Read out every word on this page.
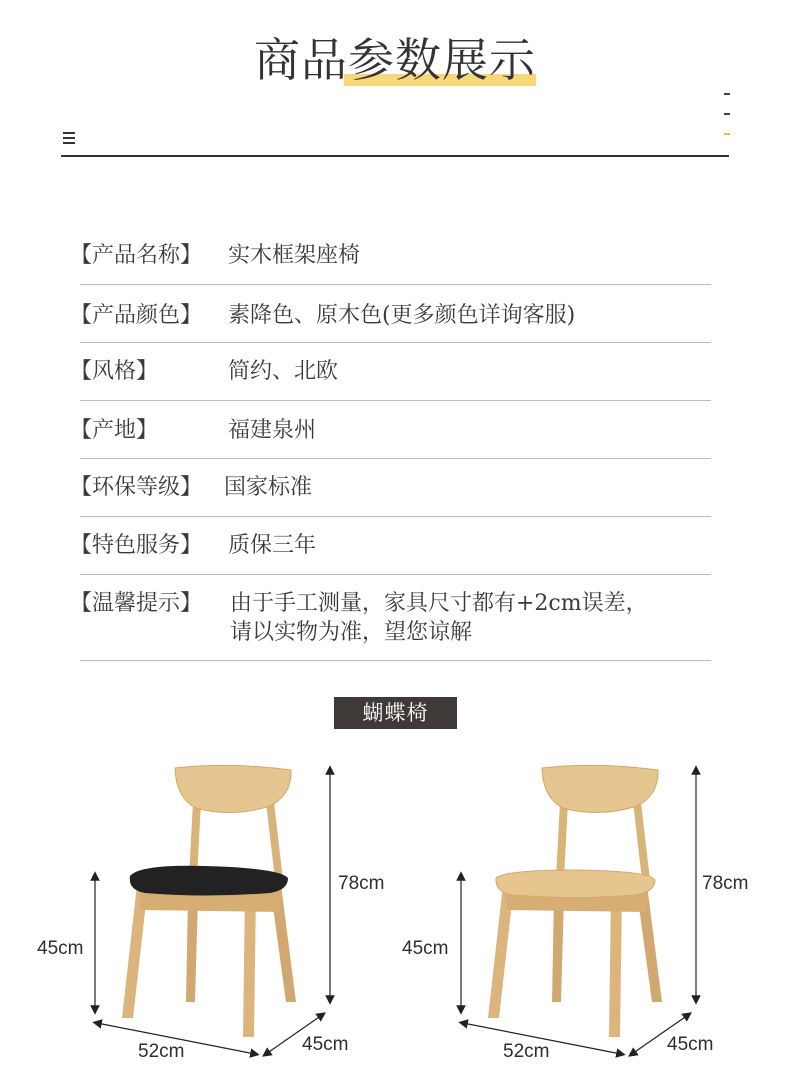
商品参数展示
【产品名称】 实木框架座椅
【产品颜色】 素降色、原木色(更多颜色详询客服)
【风格】	简约、北欧
【产地】	福建泉州
【环保等级】 国家标准
【特色服务】 质保三年
【温馨提示】 由于手工测量，家具尺寸都有+2cm误差，
请以实物为准，望您谅解
蝴蝶椅
78cm
45cm
52cm	45cm
78cm
45cm
52cm	45cm
